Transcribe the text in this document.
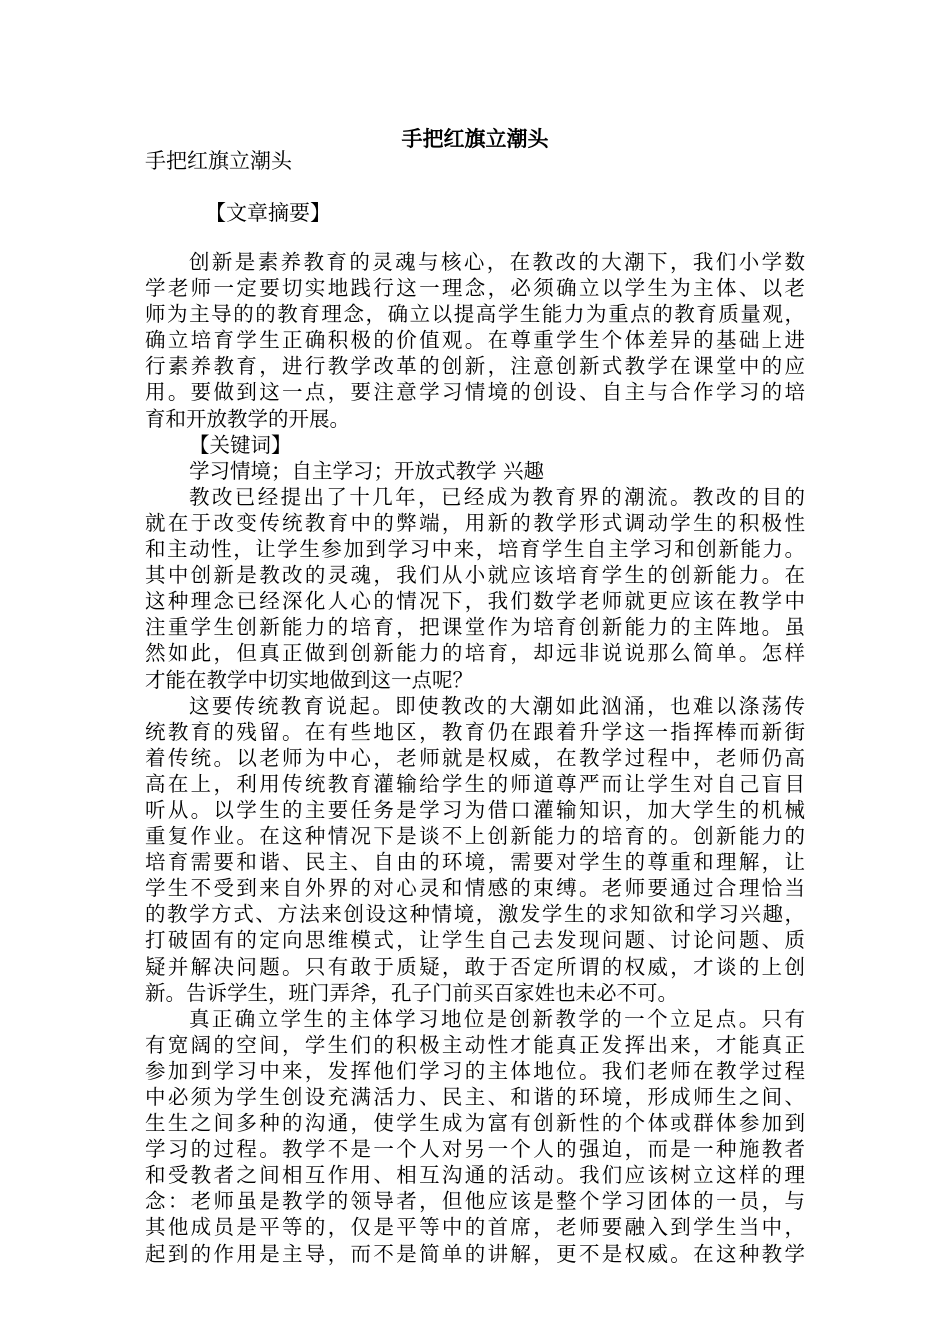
手把红旗立潮头
手把红旗立潮头
【文章摘要】
创新是素养教育的灵魂与核心，在教改的大潮下，我们小学数
学老师一定要切实地践行这一理念，必须确立以学生为主体、以老
师为主导的的教育理念，确立以提高学生能力为重点的教育质量观，
确立培育学生正确积极的价值观。在尊重学生个体差异的基础上进
行素养教育，进行教学改革的创新，注意创新式教学在课堂中的应
用。要做到这一点，要注意学习情境的创设、自主与合作学习的培
育和开放教学的开展。
【关键词】
学习情境；自主学习；开放式教学 兴趣
教改已经提出了十几年，已经成为教育界的潮流。教改的目的
就在于改变传统教育中的弊端，用新的教学形式调动学生的积极性
和主动性，让学生参加到学习中来，培育学生自主学习和创新能力。
其中创新是教改的灵魂，我们从小就应该培育学生的创新能力。在
这种理念已经深化人心的情况下，我们数学老师就更应该在教学中
注重学生创新能力的培育，把课堂作为培育创新能力的主阵地。虽
然如此，但真正做到创新能力的培育，却远非说说那么简单。怎样
才能在教学中切实地做到这一点呢？
这要传统教育说起。即使教改的大潮如此汹涌，也难以涤荡传
统教育的残留。在有些地区，教育仍在跟着升学这一指挥棒而新街
着传统。以老师为中心，老师就是权威，在教学过程中，老师仍高
高在上，利用传统教育灌输给学生的师道尊严而让学生对自己盲目
听从。以学生的主要任务是学习为借口灌输知识，加大学生的机械
重复作业。在这种情况下是谈不上创新能力的培育的。创新能力的
培育需要和谐、民主、自由的环境，需要对学生的尊重和理解，让
学生不受到来自外界的对心灵和情感的束缚。老师要通过合理恰当
的教学方式、方法来创设这种情境，激发学生的求知欲和学习兴趣，
打破固有的定向思维模式，让学生自己去发现问题、讨论问题、质
疑并解决问题。只有敢于质疑，敢于否定所谓的权威，才谈的上创
新。告诉学生，班门弄斧，孔子门前买百家姓也未必不可。
真正确立学生的主体学习地位是创新教学的一个立足点。只有
有宽阔的空间，学生们的积极主动性才能真正发挥出来，才能真正
参加到学习中来，发挥他们学习的主体地位。我们老师在教学过程
中必须为学生创设充满活力、民主、和谐的环境，形成师生之间、
生生之间多种的沟通，使学生成为富有创新性的个体或群体参加到
学习的过程。教学不是一个人对另一个人的强迫，而是一种施教者
和受教者之间相互作用、相互沟通的活动。我们应该树立这样的理
念：老师虽是教学的领导者，但他应该是整个学习团体的一员，与
其他成员是平等的，仅是平等中的首席，老师要融入到学生当中，
起到的作用是主导，而不是简单的讲解，更不是权威。在这种教学
